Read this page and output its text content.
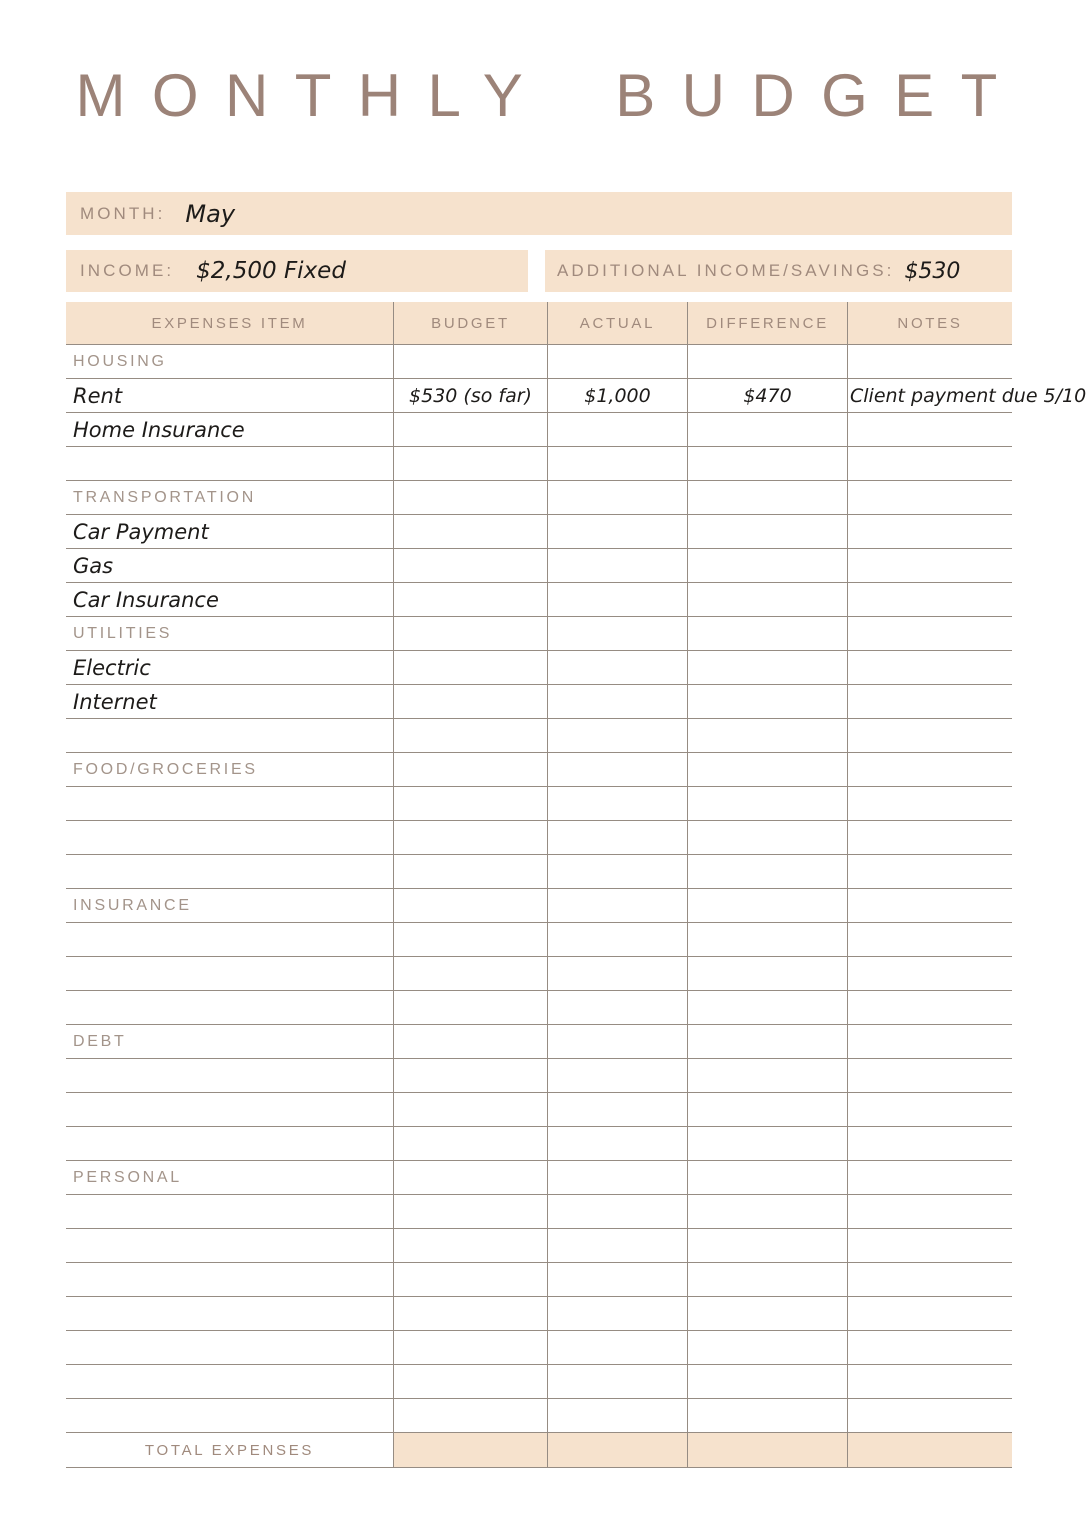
MONTHLY BUDGET
MONTH: May
INCOME: $2,500 Fixed	ADDITIONAL INCOME/SAVINGS: $530
EXPENSES ITEM	BUDGET	ACTUAL	DIFFERENCE	NOTES
HOUSING
Rent	$530 (so far)	$1,000	$470	Client payment due 5/10
Home Insurance
TRANSPORTATION
Car Payment
Gas
Car Insurance
UTILITIES
Electric
Internet
FOOD/GROCERIES
INSURANCE
DEBT
PERSONAL
TOTAL EXPENSES
